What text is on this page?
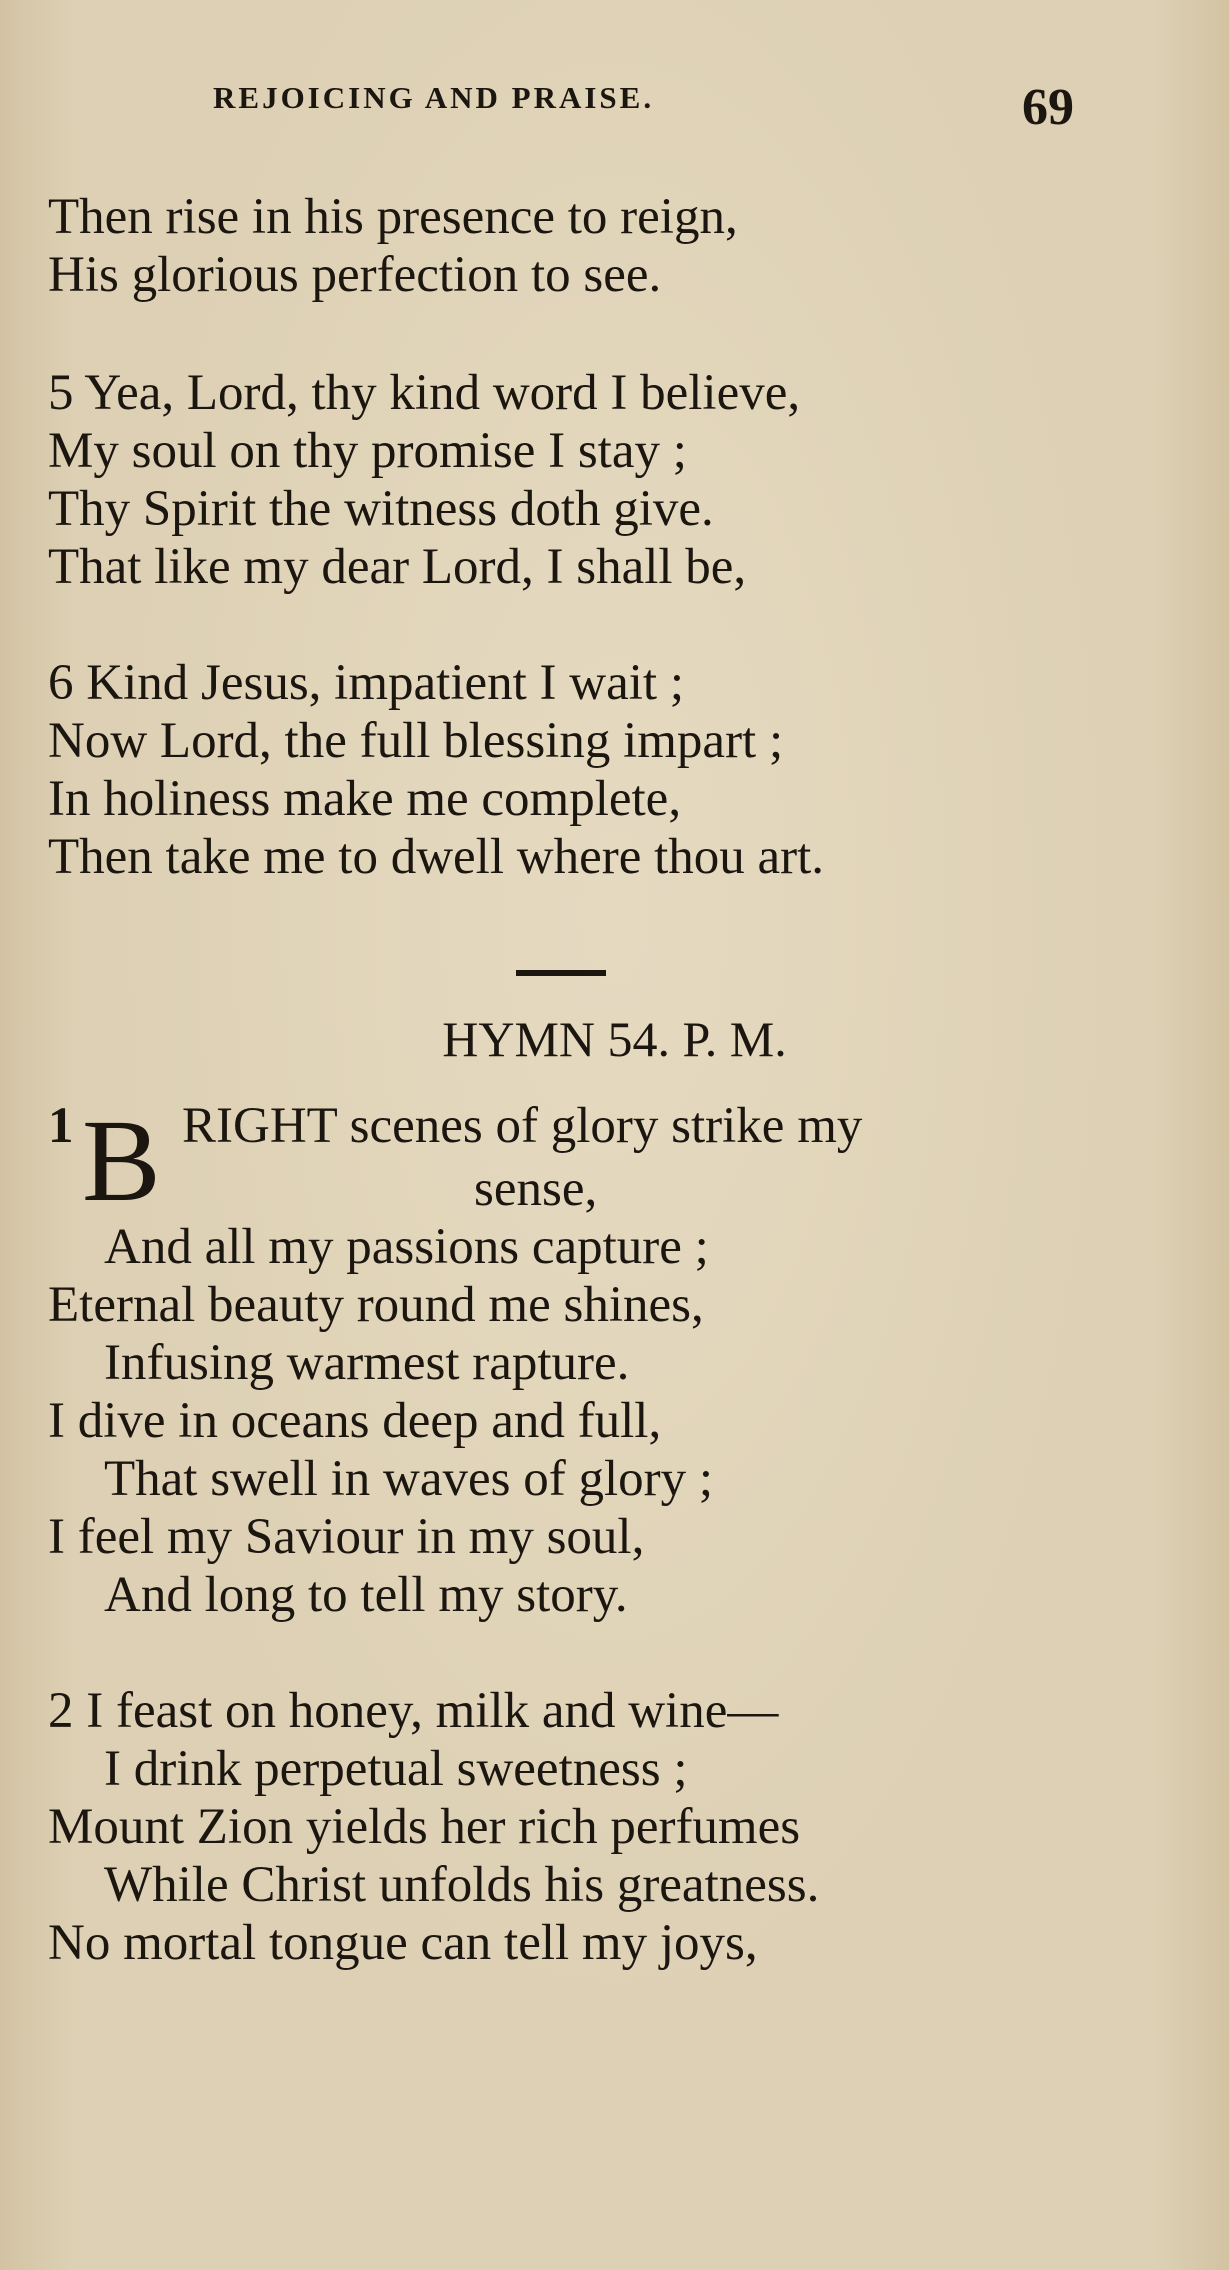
REJOICING AND PRAISE.	69
Then rise in his presence to reign,
His glorious perfection to see.
5 Yea, Lord, thy kind word I believe,
My soul on thy promise I stay ;
Thy Spirit the witness doth give.
That like my dear Lord, I shall be,
6 Kind Jesus, impatient I wait ;
Now Lord, the full blessing impart ;
In holiness make me complete,
Then take me to dwell where thou art.
HYMN 54. P. M.
1 B RIGHT scenes of glory strike my
sense,
And all my passions capture ;
Eternal beauty round me shines,
Infusing warmest rapture.
I dive in oceans deep and full,
That swell in waves of glory ;
I feel my Saviour in my soul,
And long to tell my story.
2 I feast on honey, milk and wine—
I drink perpetual sweetness ;
Mount Zion yields her rich perfumes
While Christ unfolds his greatness.
No mortal tongue can tell my joys,
